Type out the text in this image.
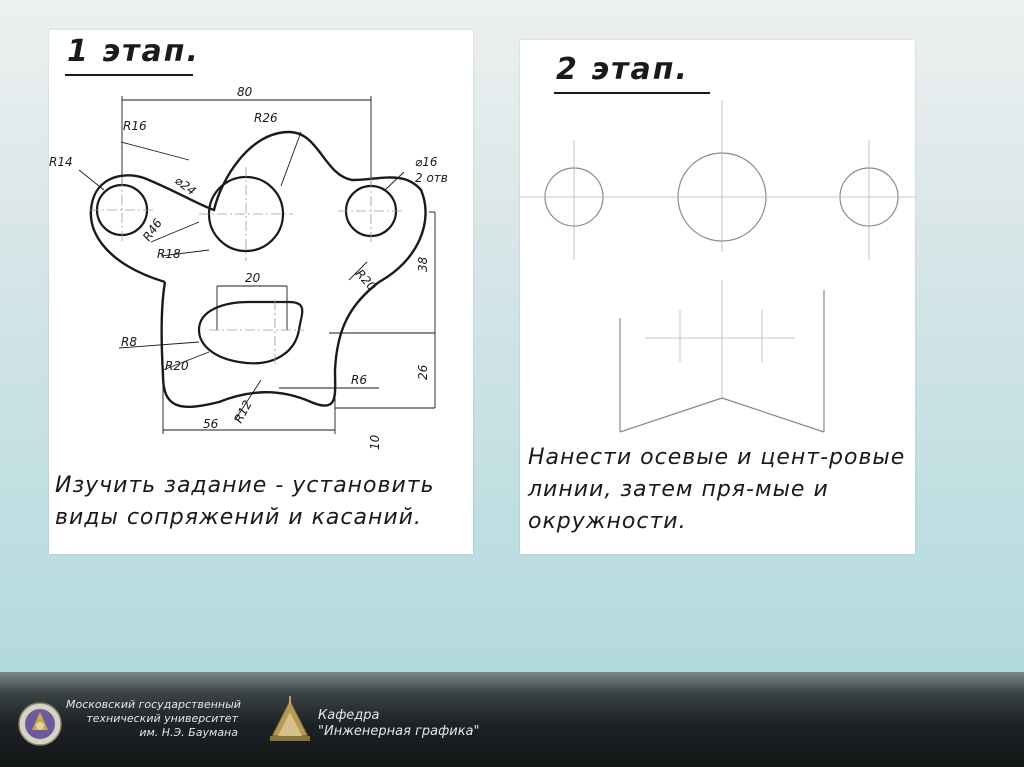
1 этап.
80
R16
R26
R14
⌀24
⌀16
2 отв
R46
R18
R20
38
20
R8
R20	26
R6
R12
56
10

Изучить задание - установить виды сопряжений и касаний.

2 этап.

Нанести осевые и цент-ровые линии, затем пря-мые и окружности.

Московский государственный
технический университет
им. Н.Э. Баумана
Кафедра
"Инженерная графика"
